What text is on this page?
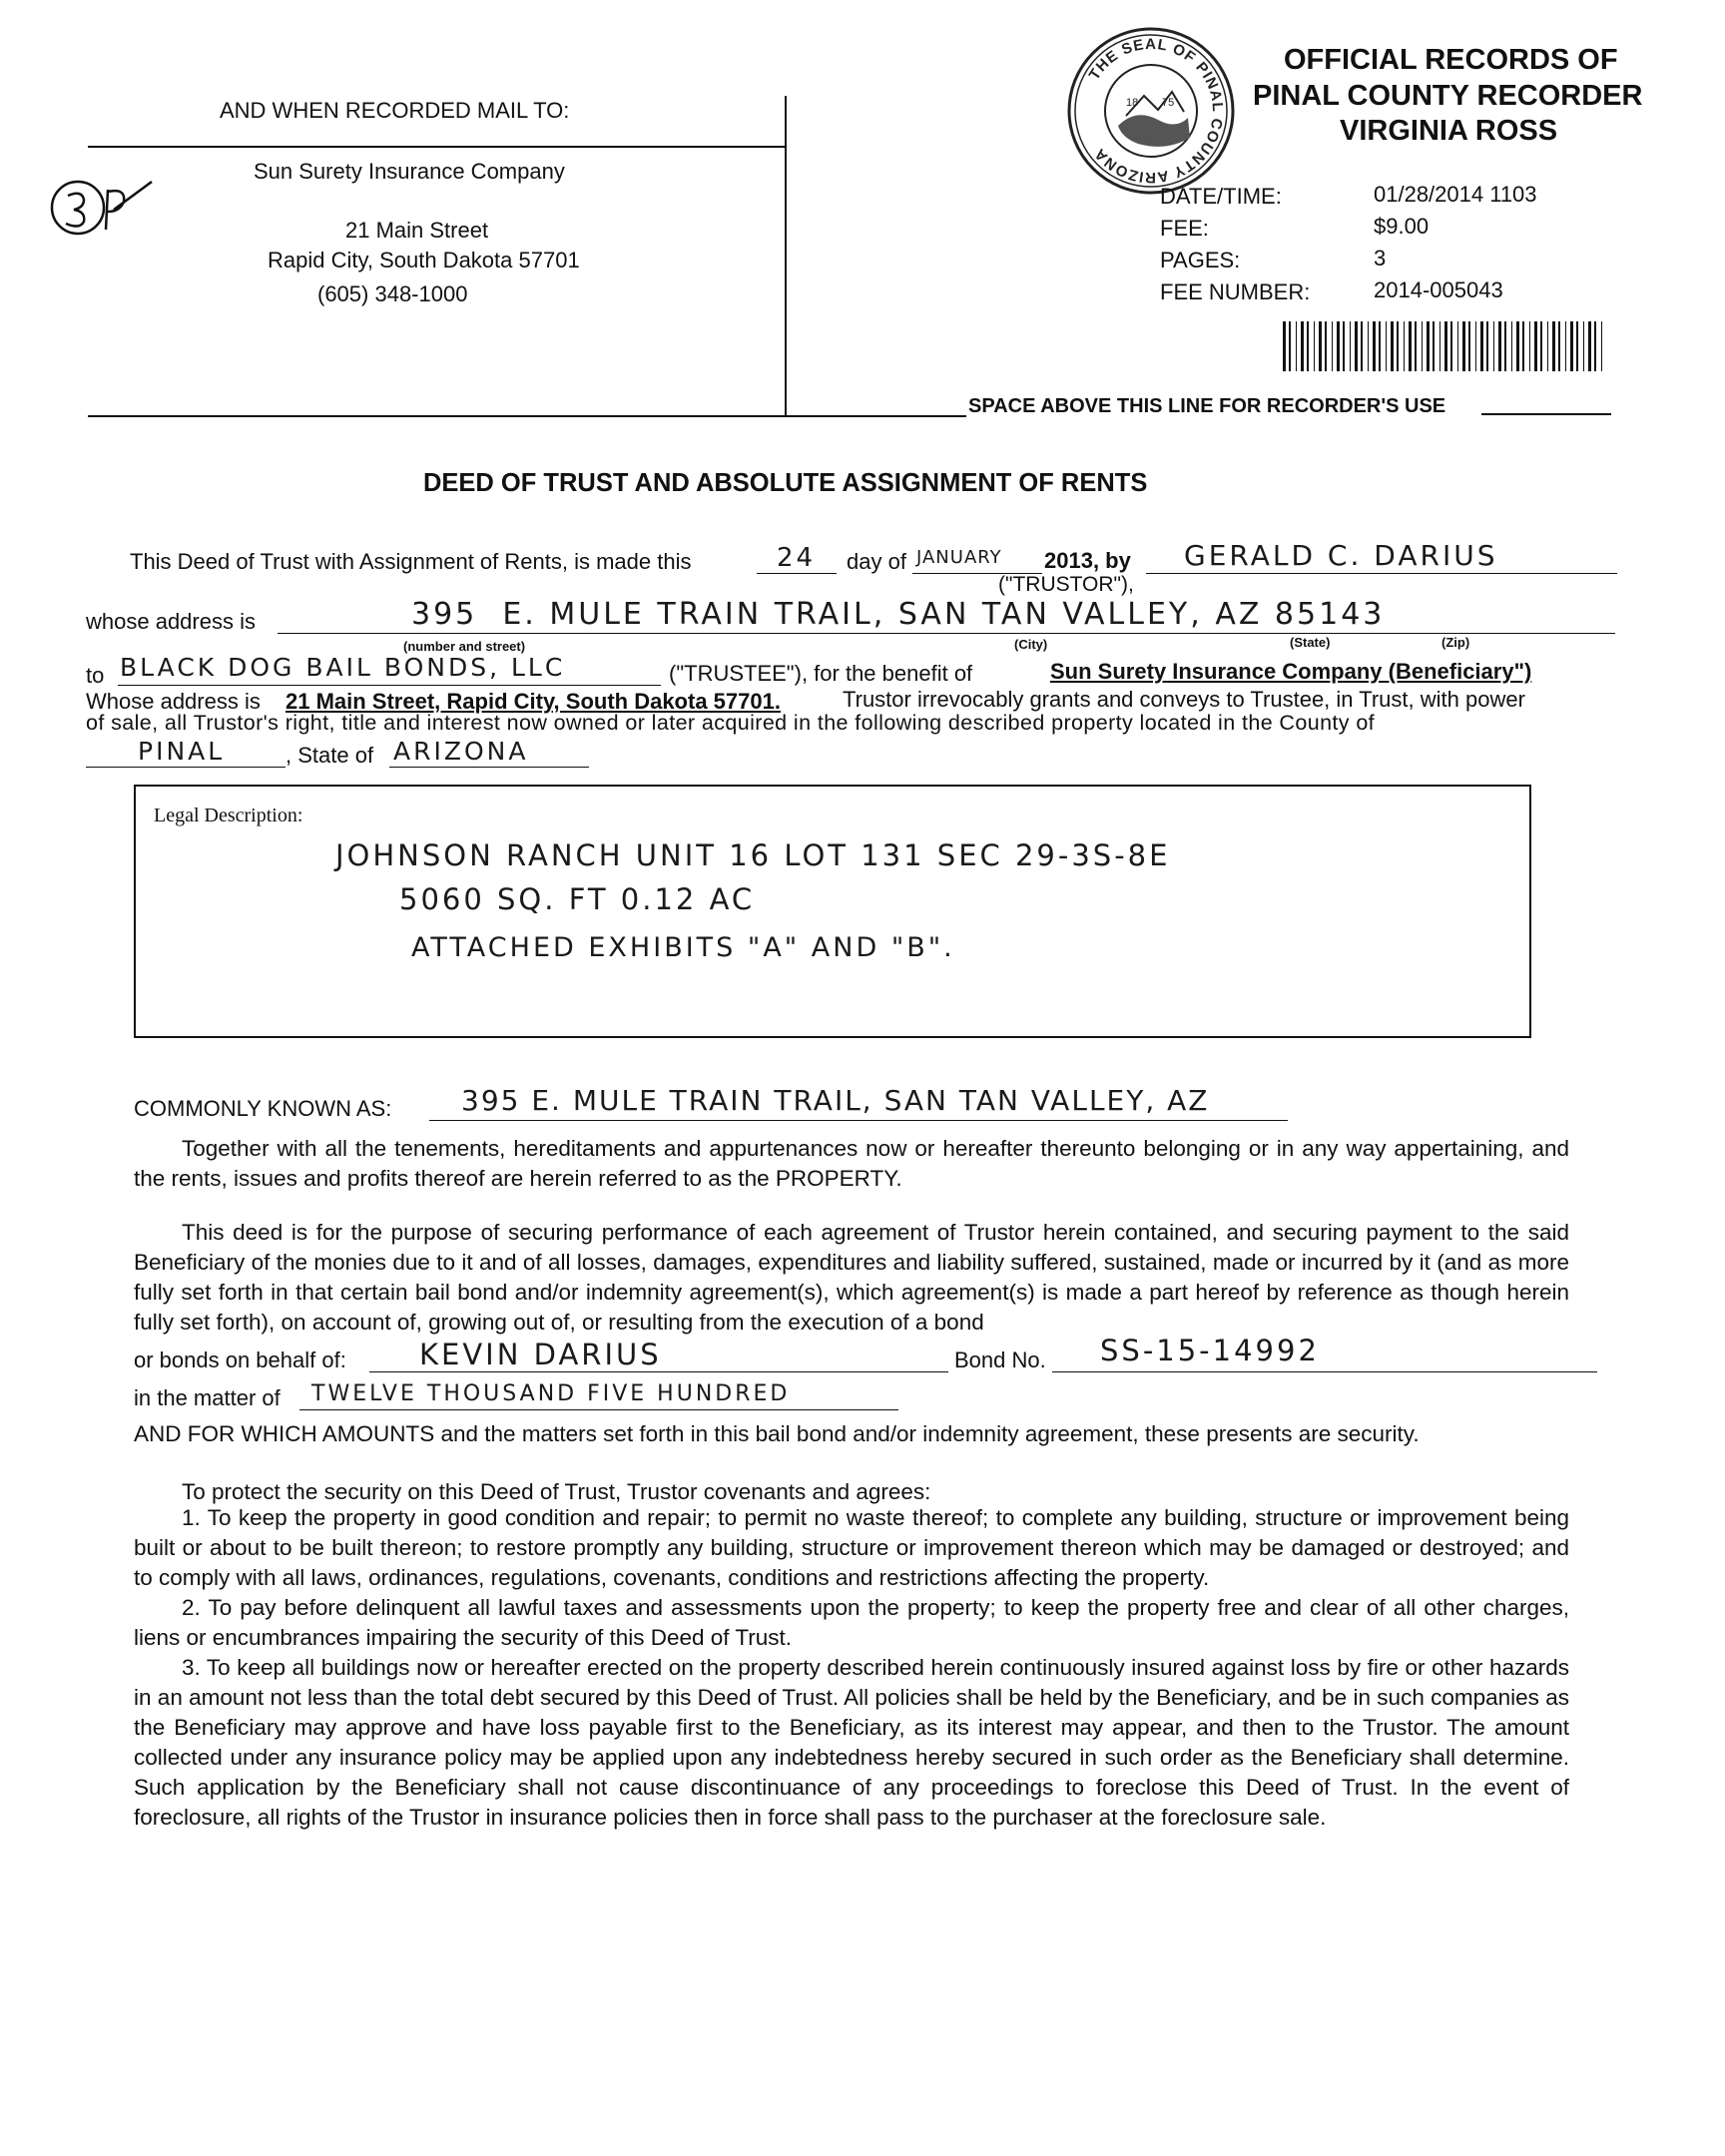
AND WHEN RECORDED MAIL TO:
Sun Surety Insurance Company
21 Main Street
Rapid City, South Dakota 57701
(605) 348-1000
THE SEAL OF PINAL COUNTY ARIZONA
18 75
OFFICIAL RECORDS OF
PINAL COUNTY RECORDER
VIRGINIA ROSS
DATE/TIME:	01/28/2014 1103
FEE:	$9.00
PAGES:	3
FEE NUMBER:	2014-005043
SPACE ABOVE THIS LINE FOR RECORDER'S USE
DEED OF TRUST AND ABSOLUTE ASSIGNMENT OF RENTS
This Deed of Trust with Assignment of Rents, is made this	24 day of JANUARY 2013, by GERALD C. DARIUS
("TRUSTOR"),
whose address is	395  E. MULE TRAIN TRAIL, SAN TAN VALLEY, AZ 85143
(number and street)	(City)	(State)	(Zip)
to BLACK DOG BAIL BONDS, LLC	("TRUSTEE"), for the benefit of	Sun Surety Insurance Company (Beneficiary")
Whose address is 21 Main Street, Rapid City, South Dakota 57701.	Trustor irrevocably grants and conveys to Trustee, in Trust, with power
of sale, all Trustor's right, title and interest now owned or later acquired in the following described property located in the County of
PINAL	, State of ARIZONA
Legal Description:
JOHNSON RANCH UNIT 16 LOT 131 SEC 29-3S-8E
5060 SQ. FT 0.12 AC
ATTACHED EXHIBITS "A" AND "B".
COMMONLY KNOWN AS: 395 E. MULE TRAIN TRAIL, SAN TAN VALLEY, AZ
Together with all the tenements, hereditaments and appurtenances now or hereafter thereunto belonging or in any way appertaining, and the rents, issues and profits thereof are herein referred to as the PROPERTY.
This deed is for the purpose of securing performance of each agreement of Trustor herein contained, and securing payment to the said Beneficiary of the monies due to it and of all losses, damages, expenditures and liability suffered, sustained, made or incurred by it (and as more fully set forth in that certain bail bond and/or indemnity agreement(s), which agreement(s) is made a part hereof by reference as though herein fully set forth), on account of, growing out of, or resulting from the execution of a bond
or bonds on behalf of:	KEVIN DARIUS	Bond No. SS-15-14992
in the matter of TWELVE THOUSAND FIVE HUNDRED
AND FOR WHICH AMOUNTS and the matters set forth in this bail bond and/or indemnity agreement, these presents are security.
To protect the security on this Deed of Trust, Trustor covenants and agrees:
1. To keep the property in good condition and repair; to permit no waste thereof; to complete any building, structure or improvement being built or about to be built thereon; to restore promptly any building, structure or improvement thereon which may be damaged or destroyed; and to comply with all laws, ordinances, regulations, covenants, conditions and restrictions affecting the property.
2. To pay before delinquent all lawful taxes and assessments upon the property; to keep the property free and clear of all other charges, liens or encumbrances impairing the security of this Deed of Trust.
3. To keep all buildings now or hereafter erected on the property described herein continuously insured against loss by fire or other hazards in an amount not less than the total debt secured by this Deed of Trust. All policies shall be held by the Beneficiary, and be in such companies as the Beneficiary may approve and have loss payable first to the Beneficiary, as its interest may appear, and then to the Trustor. The amount collected under any insurance policy may be applied upon any indebtedness hereby secured in such order as the Beneficiary shall determine. Such application by the Beneficiary shall not cause discontinuance of any proceedings to foreclose this Deed of Trust. In the event of foreclosure, all rights of the Trustor in insurance policies then in force shall pass to the purchaser at the foreclosure sale.
